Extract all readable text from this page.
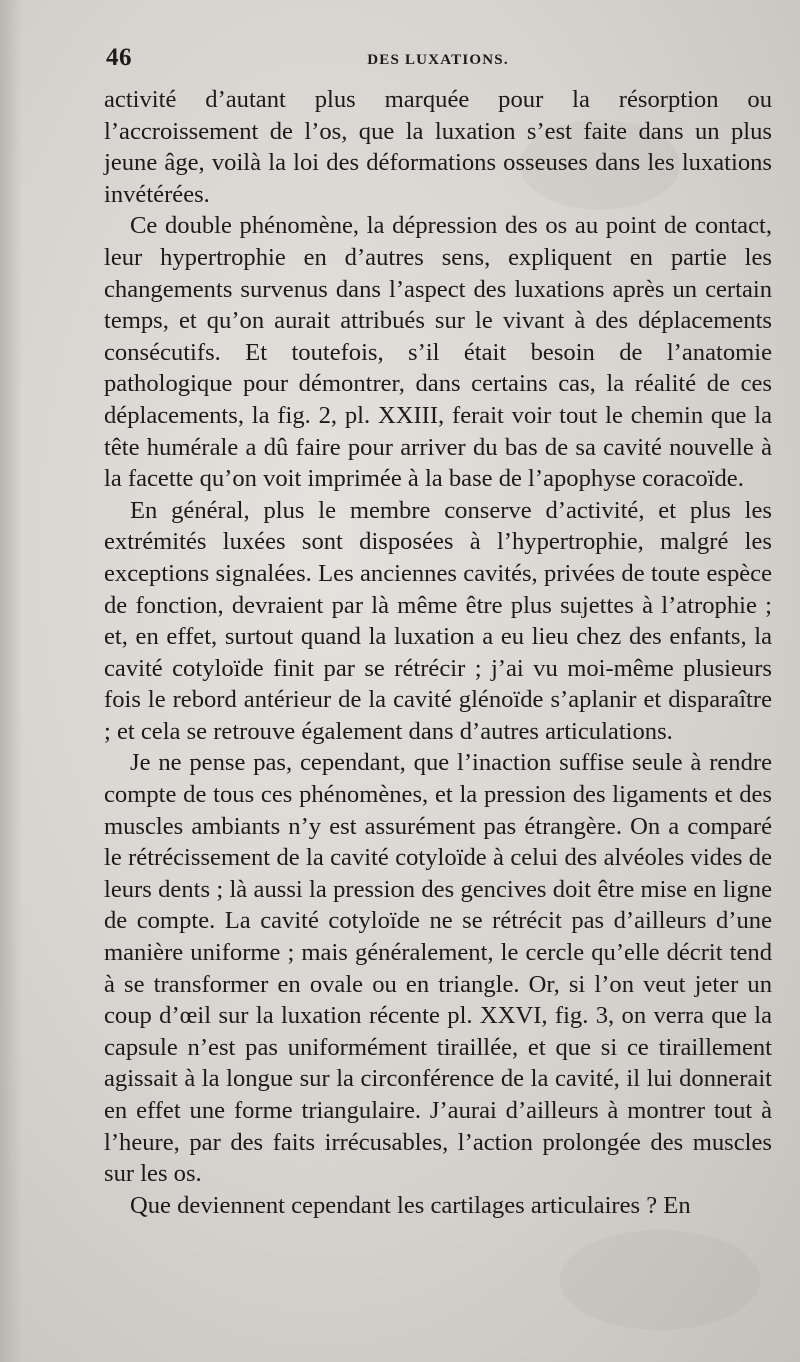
46	DES LUXATIONS.

activité d’autant plus marquée pour la résorption ou l’accroissement de l’os, que la luxation s’est faite dans un plus jeune âge, voilà la loi des déformations osseuses dans les luxations invétérées.

Ce double phénomène, la dépression des os au point de contact, leur hypertrophie en d’autres sens, expliquent en partie les changements survenus dans l’aspect des luxations après un certain temps, et qu’on aurait attribués sur le vivant à des déplacements consécutifs. Et toutefois, s’il était besoin de l’anatomie pathologique pour démontrer, dans certains cas, la réalité de ces déplacements, la fig. 2, pl. XXIII, ferait voir tout le chemin que la tête humérale a dû faire pour arriver du bas de sa cavité nouvelle à la facette qu’on voit imprimée à la base de l’apophyse coracoïde.

En général, plus le membre conserve d’activité, et plus les extrémités luxées sont disposées à l’hypertrophie, malgré les exceptions signalées. Les anciennes cavités, privées de toute espèce de fonction, devraient par là même être plus sujettes à l’atrophie ; et, en effet, surtout quand la luxation a eu lieu chez des enfants, la cavité cotyloïde finit par se rétrécir ; j’ai vu moi-même plusieurs fois le rebord antérieur de la cavité glénoïde s’aplanir et disparaître ; et cela se retrouve également dans d’autres articulations.

Je ne pense pas, cependant, que l’inaction suffise seule à rendre compte de tous ces phénomènes, et la pression des ligaments et des muscles ambiants n’y est assurément pas étrangère. On a comparé le rétrécissement de la cavité cotyloïde à celui des alvéoles vides de leurs dents ; là aussi la pression des gencives doit être mise en ligne de compte. La cavité cotyloïde ne se rétrécit pas d’ailleurs d’une manière uniforme ; mais généralement, le cercle qu’elle décrit tend à se transformer en ovale ou en triangle. Or, si l’on veut jeter un coup d’œil sur la luxation récente pl. XXVI, fig. 3, on verra que la capsule n’est pas uniformément tiraillée, et que si ce tiraillement agissait à la longue sur la circonférence de la cavité, il lui donnerait en effet une forme triangulaire. J’aurai d’ailleurs à montrer tout à l’heure, par des faits irrécusables, l’action prolongée des muscles sur les os.

Que deviennent cependant les cartilages articulaires ? En
